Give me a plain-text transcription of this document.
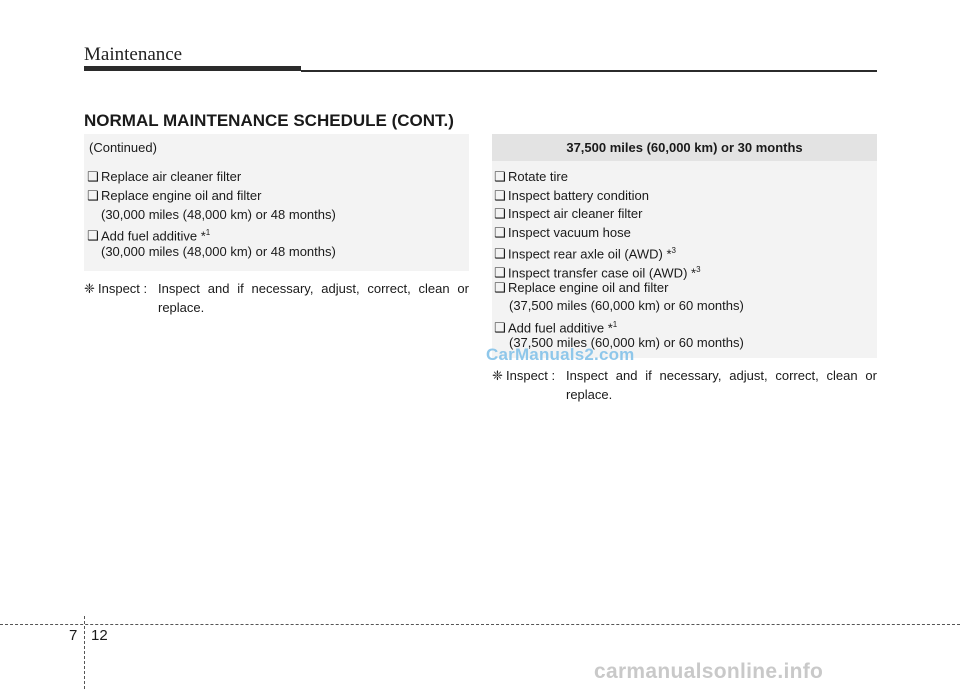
Maintenance
NORMAL MAINTENANCE SCHEDULE (CONT.)
(Continued)
❑ Replace air cleaner filter
❑ Replace engine oil and filter
(30,000 miles (48,000 km) or 48 months)
❑ Add fuel additive *$^1$
(30,000 miles (48,000 km) or 48 months)
❈ Inspect : Inspect and if necessary, adjust, correct, clean or
replace.
37,500 miles (60,000 km) or 30 months
❑ Rotate tire
❑ Inspect battery condition
❑ Inspect air cleaner filter
❑ Inspect vacuum hose
❑ Inspect rear axle oil (AWD) *$^3$
❑ Inspect transfer case oil (AWD) *$^3$
❑ Replace engine oil and filter
(37,500 miles (60,000 km) or 60 months)
❑ Add fuel additive *$^1$
(37,500 miles (60,000 km) or 60 months)
❈ Inspect : Inspect and if necessary, adjust, correct, clean or
replace.
CarManuals2.com
7 12
carmanualsonline.info
